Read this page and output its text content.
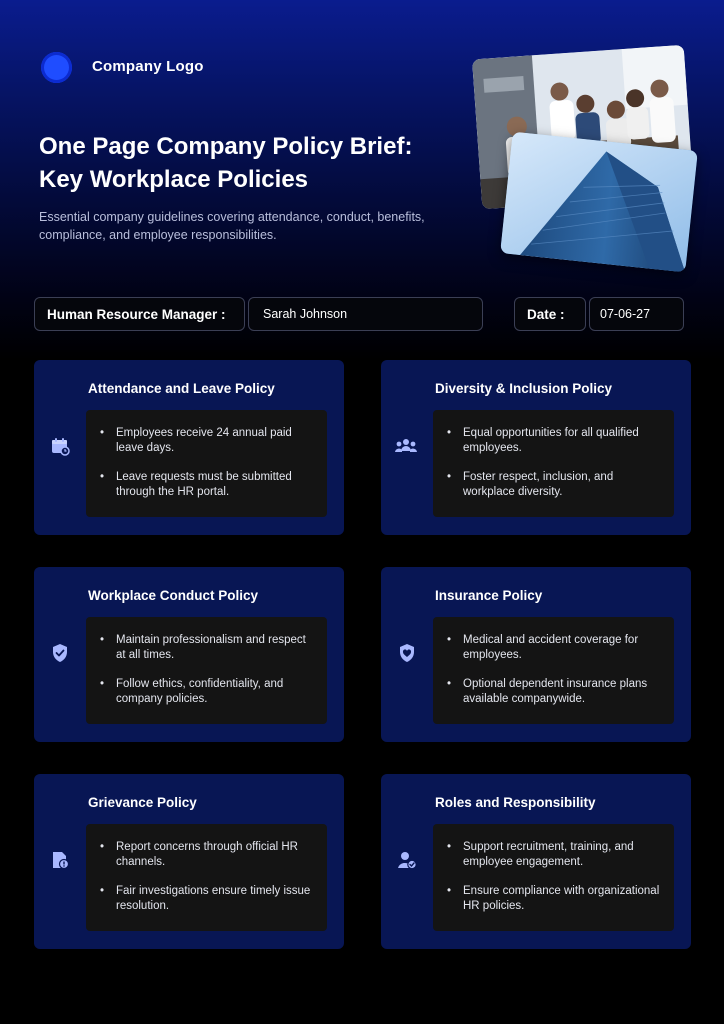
Company Logo
One Page Company Policy Brief:
Key Workplace Policies

Essential company guidelines covering attendance, conduct, benefits, compliance, and employee responsibilities.

Human Resource Manager :	Sarah Johnson	Date :	07-06-27
Attendance and Leave Policy
• Employees receive 24 annual paid leave days.
• Leave requests must be submitted through the HR portal.
Diversity & Inclusion Policy
• Equal opportunities for all qualified employees.
• Foster respect, inclusion, and workplace diversity.
Workplace Conduct Policy
• Maintain professionalism and respect at all times.
• Follow ethics, confidentiality, and company policies.
Insurance Policy
• Medical and accident coverage for employees.
• Optional dependent insurance plans available companywide.
Grievance Policy
• Report concerns through official HR channels.
• Fair investigations ensure timely issue resolution.
Roles and Responsibility
• Support recruitment, training, and employee engagement.
• Ensure compliance with organizational HR policies.
